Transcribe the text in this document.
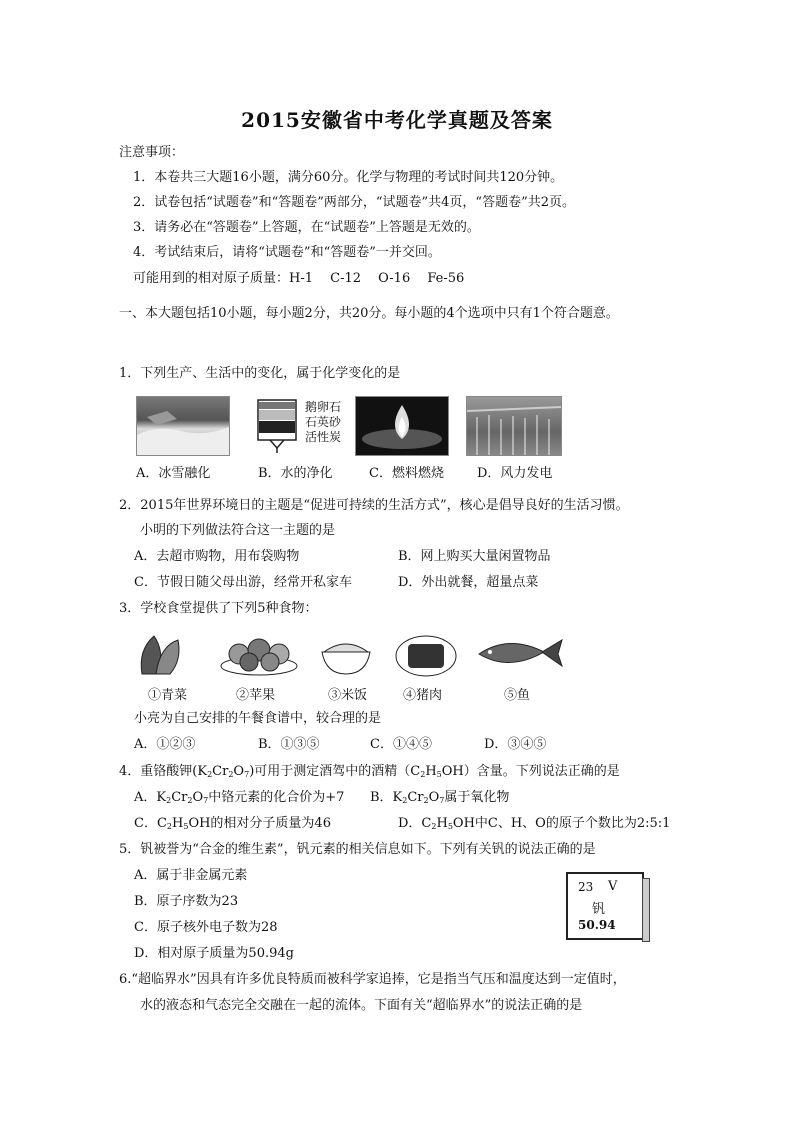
2015安徽省中考化学真题及答案
注意事项：
1．本卷共三大题16小题，满分60分。化学与物理的考试时间共120分钟。
2．试卷包括“试题卷”和“答题卷”两部分，“试题卷”共4页，“答题卷”共2页。
3．请务必在“答题卷”上答题，在“试题卷”上答题是无效的。
4．考试结束后，请将“试题卷”和“答题卷”一并交回。
可能用到的相对原子质量：H-1　 C-12　 O-16　 Fe-56
一、本大题包括10小题，每小题2分，共20分。每小题的4个选项中只有1个符合题意。
1．下列生产、生活中的变化，属于化学变化的是
鹅卵石
石英砂
活性炭
A．冰雪融化	B．水的净化	C．燃料燃烧	D．风力发电
2．2015年世界环境日的主题是“促进可持续的生活方式”，核心是倡导良好的生活习惯。
小明的下列做法符合这一主题的是
A．去超市购物，用布袋购物	B．网上购买大量闲置物品
C．节假日随父母出游，经常开私家车	D．外出就餐，超量点菜
3．学校食堂提供了下列5种食物：
①青菜	②苹果	③米饭	④猪肉	⑤鱼
小亮为自己安排的午餐食谱中，较合理的是
A．①②③	B．①③⑤	C．①④⑤	D．③④⑤
4．重铬酸钾$(K_2Cr_2O_7)$可用于测定酒驾中的酒精$(C_2H_5OH)$含量。下列说法正确的是
A．$K_2Cr_2O_7$中铬元素的化合价为+7 B．$K_2Cr_2O_7$属于氧化物
C．$C_2H_5OH$的相对分子质量为46	D．$C_2H_5OH$中C、H、O的原子个数比为2:5:1
5．钒被誉为“合金的维生素”，钒元素的相关信息如下。下列有关钒的说法正确的是
A．属于非金属元素
B．原子序数为23
C．原子核外电子数为28
D．相对原子质量为50.94g
23 V
钒
50.94
6.“超临界水”因具有许多优良特质而被科学家追捧，它是指当气压和温度达到一定值时，
水的液态和气态完全交融在一起的流体。下面有关“超临界水”的说法正确的是
